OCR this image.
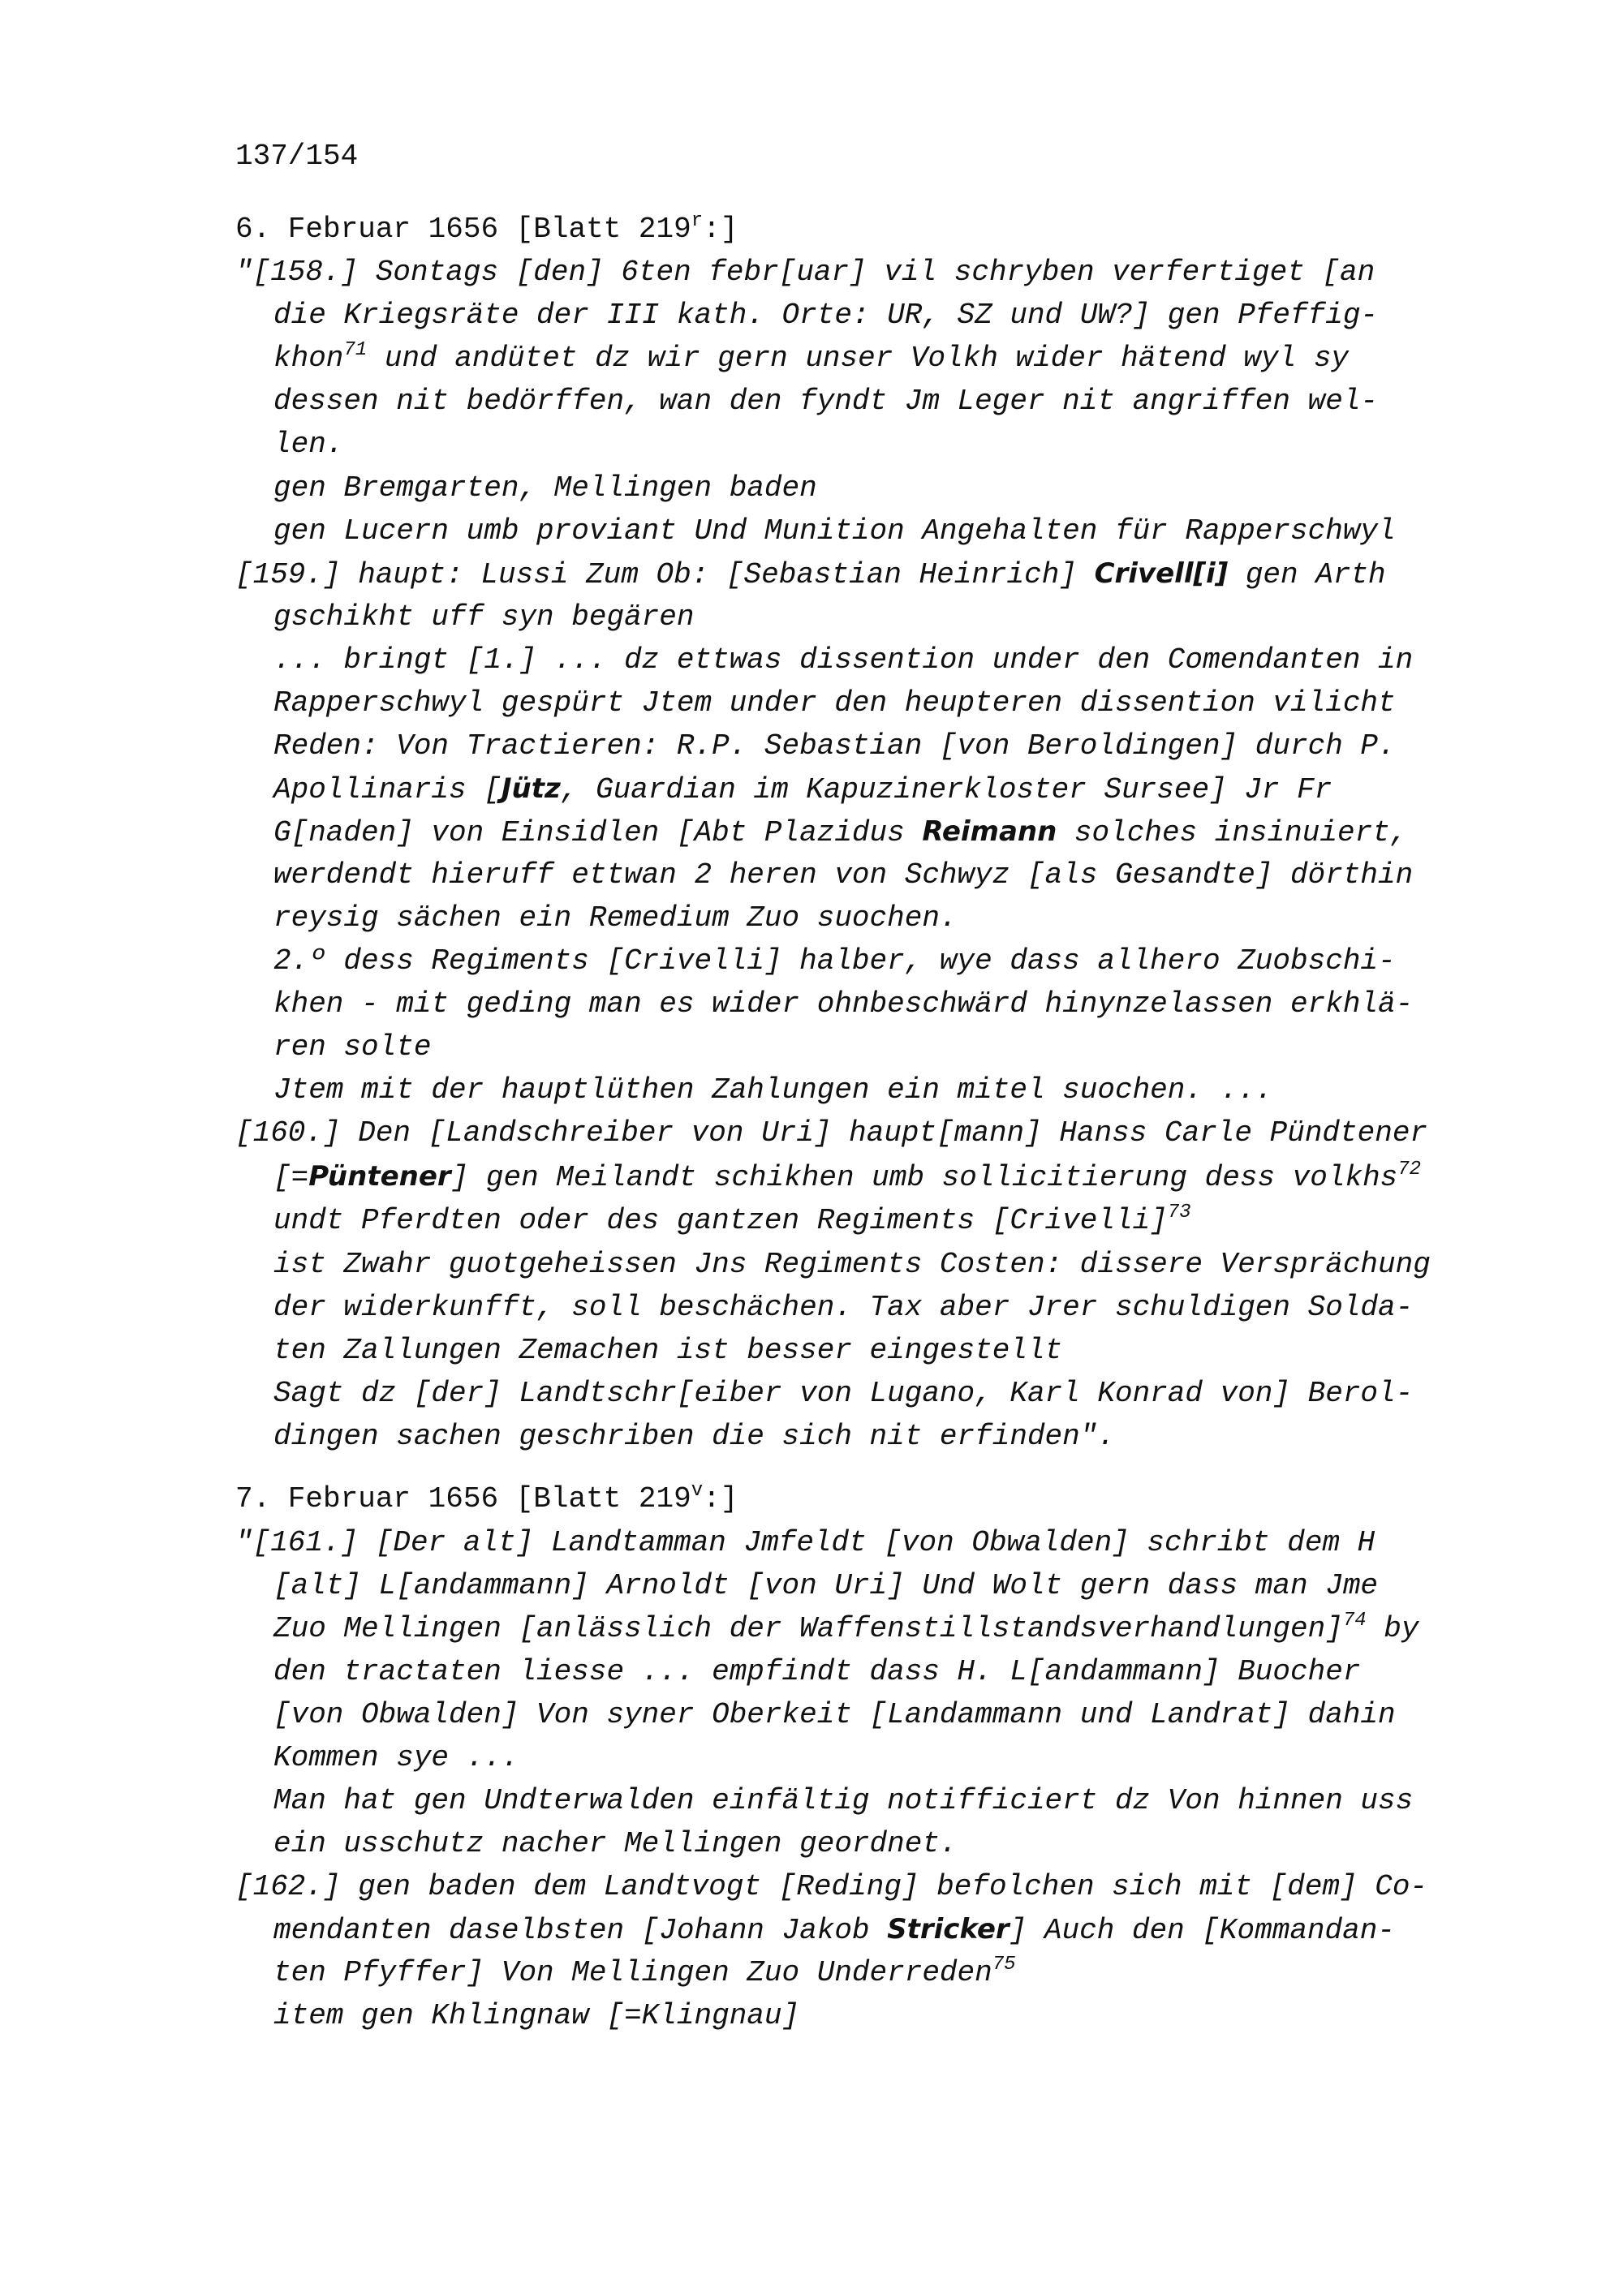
137/154
6. Februar 1656 [Blatt 219$^r$:]
"[158.] Sontags [den] 6ten febr[uar] vil schryben verfertiget [an
die Kriegsräte der III kath. Orte: UR, SZ und UW?] gen Pfeffig-
khon$^{71}$ und andütet dz wir gern unser Volkh wider hätend wyl sy
dessen nit bedörffen, wan den fyndt Jm Leger nit angriffen wel-
len.
gen Bremgarten, Mellingen baden
gen Lucern umb proviant Und Munition Angehalten für Rapperschwyl
[159.] haupt: Lussi Zum Ob: [Sebastian Heinrich] Crivell[i] gen Arth
gschikht uff syn begären
... bringt [1.] ... dz ettwas dissention under den Comendanten in
Rapperschwyl gespürt Jtem under den heupteren dissention vilicht
Reden: Von Tractieren: R.P. Sebastian [von Beroldingen] durch P.
Apollinaris [Jütz, Guardian im Kapuzinerkloster Sursee] Jr Fr
G[naden] von Einsidlen [Abt Plazidus Reimann solches insinuiert,
werdendt hieruff ettwan 2 heren von Schwyz [als Gesandte] dörthin
reysig sächen ein Remedium Zuo suochen.
2.º dess Regiments [Crivelli] halber, wye dass allhero Zuobschi-
khen - mit geding man es wider ohnbeschwärd hinynzelassen erkhlä-
ren solte
Jtem mit der hauptlüthen Zahlungen ein mitel suochen. ...
[160.] Den [Landschreiber von Uri] haupt[mann] Hanss Carle Pündtener
[=Püntener] gen Meilandt schikhen umb sollicitierung dess volkhs$^{72}$
undt Pferdten oder des gantzen Regiments [Crivelli]$^{73}$
ist Zwahr guotgeheissen Jns Regiments Costen: dissere Versprächung
der widerkunfft, soll beschächen. Tax aber Jrer schuldigen Solda-
ten Zallungen Zemachen ist besser eingestellt
Sagt dz [der] Landtschr[eiber von Lugano, Karl Konrad von] Berol-
dingen sachen geschriben die sich nit erfinden".
7. Februar 1656 [Blatt 219$^v$:]
"[161.] [Der alt] Landtamman Jmfeldt [von Obwalden] schribt dem H
[alt] L[andammann] Arnoldt [von Uri] Und Wolt gern dass man Jme
Zuo Mellingen [anlässlich der Waffenstillstandsverhandlungen]$^{74}$ by
den tractaten liesse ... empfindt dass H. L[andammann] Buocher
[von Obwalden] Von syner Oberkeit [Landammann und Landrat] dahin
Kommen sye ...
Man hat gen Undterwalden einfältig notifficiert dz Von hinnen uss
ein usschutz nacher Mellingen geordnet.
[162.] gen baden dem Landtvogt [Reding] befolchen sich mit [dem] Co-
mendanten daselbsten [Johann Jakob Stricker] Auch den [Kommandan-
ten Pfyffer] Von Mellingen Zuo Underreden$^{75}$
item gen Khlingnaw [=Klingnau]
